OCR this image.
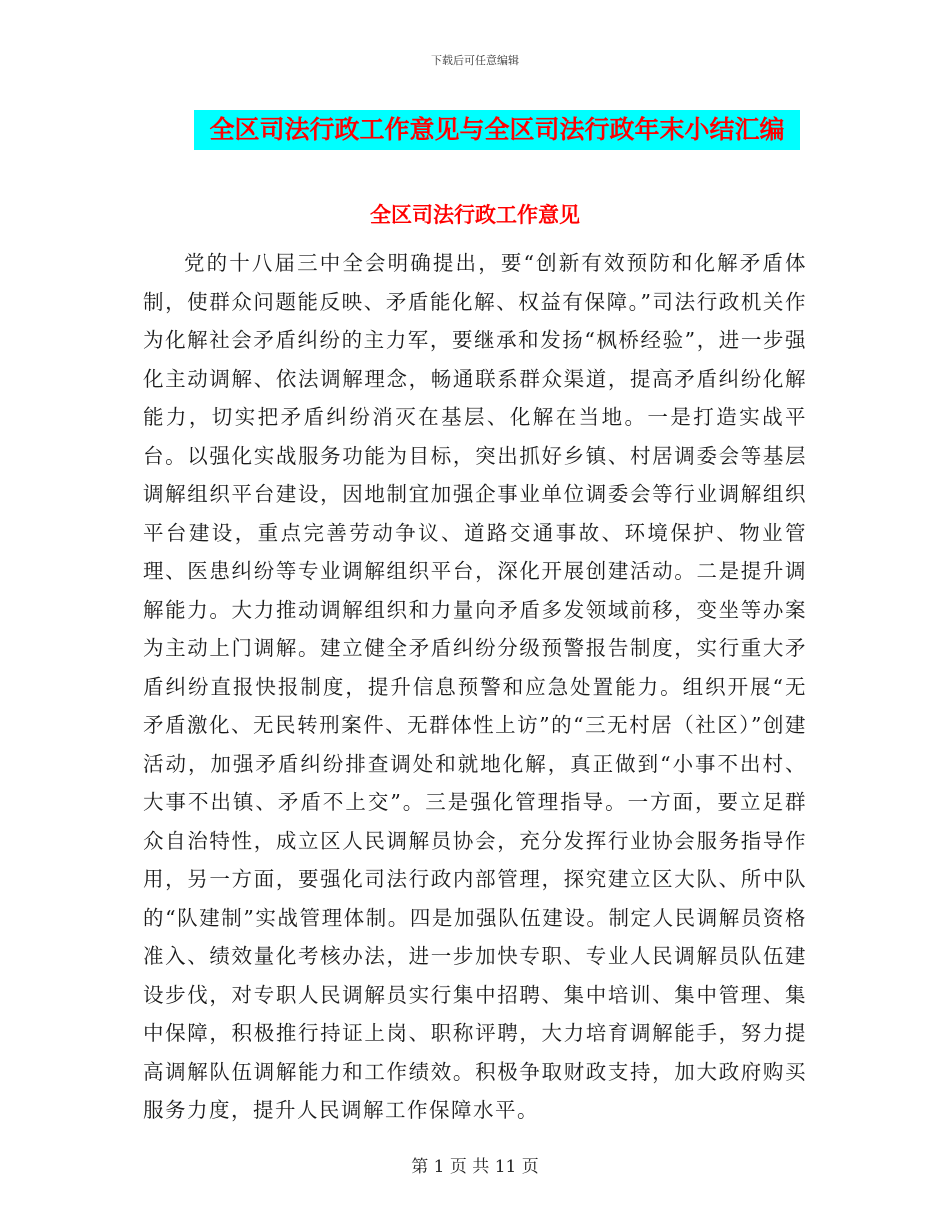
下载后可任意编辑
全区司法行政工作意见与全区司法行政年末小结汇编
全区司法行政工作意见

党的十八届三中全会明确提出，要“创新有效预防和化解矛盾体制，使群众问题能反映、矛盾能化解、权益有保障。”司法行政机关作为化解社会矛盾纠纷的主力军，要继承和发扬“枫桥经验”，进一步强化主动调解、依法调解理念，畅通联系群众渠道，提高矛盾纠纷化解能力，切实把矛盾纠纷消灭在基层、化解在当地。一是打造实战平台。以强化实战服务功能为目标，突出抓好乡镇、村居调委会等基层调解组织平台建设，因地制宜加强企事业单位调委会等行业调解组织平台建设，重点完善劳动争议、道路交通事故、环境保护、物业管理、医患纠纷等专业调解组织平台，深化开展创建活动。二是提升调解能力。大力推动调解组织和力量向矛盾多发领域前移，变坐等办案为主动上门调解。建立健全矛盾纠纷分级预警报告制度，实行重大矛盾纠纷直报快报制度，提升信息预警和应急处置能力。组织开展“无矛盾激化、无民转刑案件、无群体性上访”的“三无村居（社区）”创建活动，加强矛盾纠纷排查调处和就地化解，真正做到“小事不出村、大事不出镇、矛盾不上交”。三是强化管理指导。一方面，要立足群众自治特性，成立区人民调解员协会，充分发挥行业协会服务指导作用，另一方面，要强化司法行政内部管理，探究建立区大队、所中队的“队建制”实战管理体制。四是加强队伍建设。制定人民调解员资格准入、绩效量化考核办法，进一步加快专职、专业人民调解员队伍建设步伐，对专职人民调解员实行集中招聘、集中培训、集中管理、集中保障，积极推行持证上岗、职称评聘，大力培育调解能手，努力提高调解队伍调解能力和工作绩效。积极争取财政支持，加大政府购买服务力度，提升人民调解工作保障水平。

第 1 页 共 11 页
